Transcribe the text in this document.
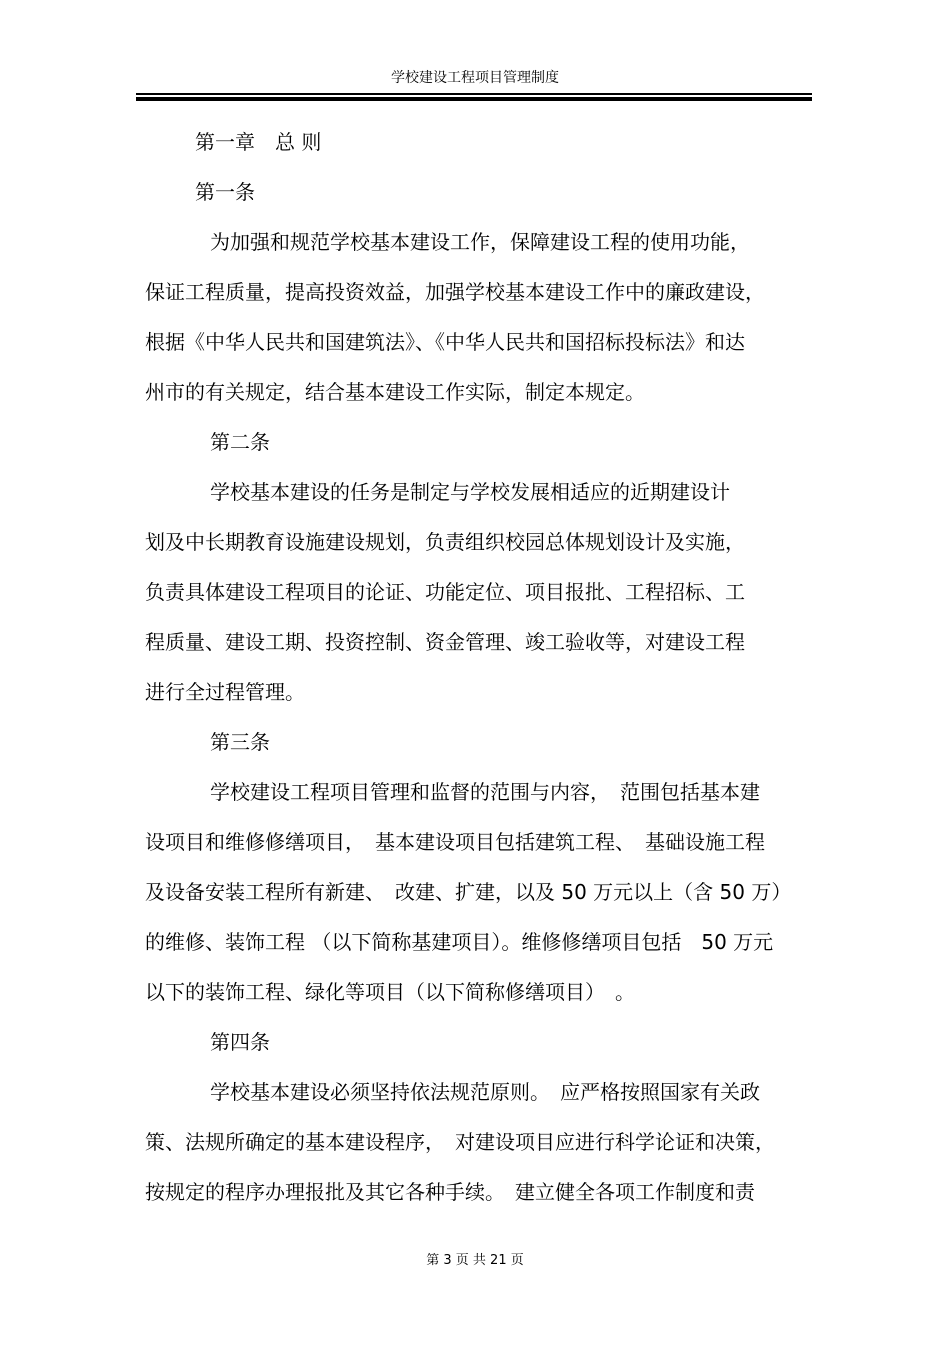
学校建设工程项目管理制度
第一章　总 则
第一条
为加强和规范学校基本建设工作，保障建设工程的使用功能，
保证工程质量，提高投资效益，加强学校基本建设工作中的廉政建设，
根据《中华人民共和国建筑法》、《中华人民共和国招标投标法》和达
州市的有关规定，结合基本建设工作实际，制定本规定。
第二条
学校基本建设的任务是制定与学校发展相适应的近期建设计
划及中长期教育设施建设规划，负责组织校园总体规划设计及实施，
负责具体建设工程项目的论证、功能定位、项目报批、工程招标、工
程质量、建设工期、投资控制、资金管理、竣工验收等，对建设工程
进行全过程管理。
第三条
学校建设工程项目管理和监督的范围与内容，　范围包括基本建
设项目和维修修缮项目，　基本建设项目包括建筑工程、　基础设施工程
及设备安装工程所有新建、　改建、扩建，以及 50 万元以上（含 50 万）
的维修、装饰工程 （以下简称基建项目）。维修修缮项目包括　50 万元
以下的装饰工程、绿化等项目（以下简称修缮项目）　。
第四条
学校基本建设必须坚持依法规范原则。　应严格按照国家有关政
策、法规所确定的基本建设程序，　对建设项目应进行科学论证和决策，
按规定的程序办理报批及其它各种手续。　建立健全各项工作制度和责
第 3 页 共 21 页
